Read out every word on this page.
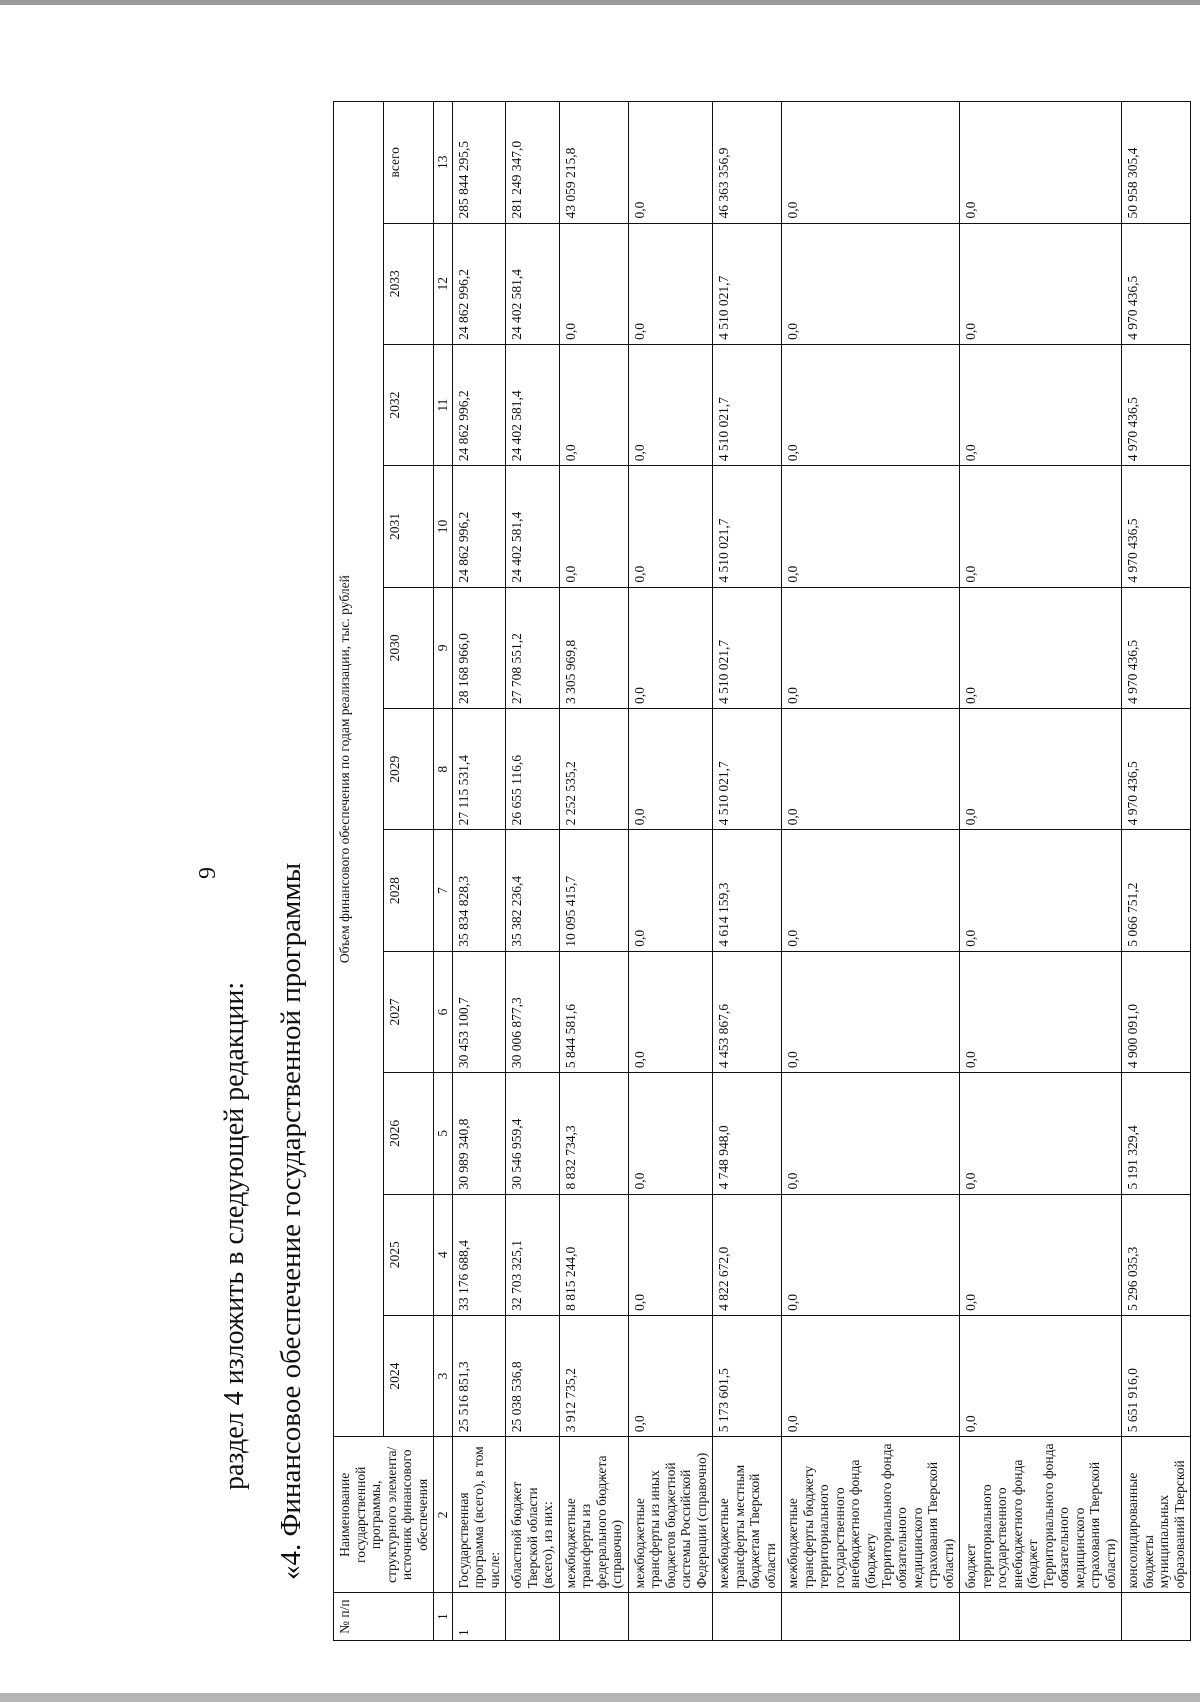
9
раздел 4 изложить в следующей редакции: «4. Финансовое обеспечение государственной программы
№ п/п	Наименование государственной программы, структурного элемента/источник финансового обеспечения	Объем финансового обеспечения по годам реализации, тыс. рублей										
		2024	2025	2026	2027	2028	2029	2030	2031	2032	2033	всего
1	2	3	4	5	6	7	8	9	10	11	12	13
1	Государственная программа (всего), в том числе:	25 516 851,3	33 176 688,4	30 989 340,8	30 453 100,7	35 834 828,3	27 115 531,4	28 168 966,0	24 862 996,2	24 862 996,2	24 862 996,2	285 844 295,5
	областной бюджет Тверской области (всего), из них:	25 038 536,8	32 703 325,1	30 546 959,4	30 006 877,3	35 382 236,4	26 655 116,6	27 708 551,2	24 402 581,4	24 402 581,4	24 402 581,4	281 249 347,0
	межбюджетные трансферты из федерального бюджета (справочно)	3 912 735,2	8 815 244,0	8 832 734,3	5 844 581,6	10 095 415,7	2 252 535,2	3 305 969,8	0,0	0,0	0,0	43 059 215,8
	межбюджетные трансферты из иных бюджетов бюджетной системы Российской Федерации (справочно)	0,0	0,0	0,0	0,0	0,0	0,0	0,0	0,0	0,0	0,0	0,0
	межбюджетные трансферты местным бюджетам Тверской области	5 173 601,5	4 822 672,0	4 748 948,0	4 453 867,6	4 614 159,3	4 510 021,7	4 510 021,7	4 510 021,7	4 510 021,7	4 510 021,7	46 363 356,9
	межбюджетные трансферты бюджету территориального государственного внебюджетного фонда (бюджету Территориального фонда обязательного медицинского страхования Тверской области)	0,0	0,0	0,0	0,0	0,0	0,0	0,0	0,0	0,0	0,0	0,0
	бюджет территориального государственного внебюджетного фонда (бюджет Территориального фонда обязательного медицинского страхования Тверской области)	0,0	0,0	0,0	0,0	0,0	0,0	0,0	0,0	0,0	0,0	0,0
	консолидированные бюджеты муниципальных образований Тверской	5 651 916,0	5 296 035,3	5 191 329,4	4 900 091,0	5 066 751,2	4 970 436,5	4 970 436,5	4 970 436,5	4 970 436,5	4 970 436,5	50 958 305,4
